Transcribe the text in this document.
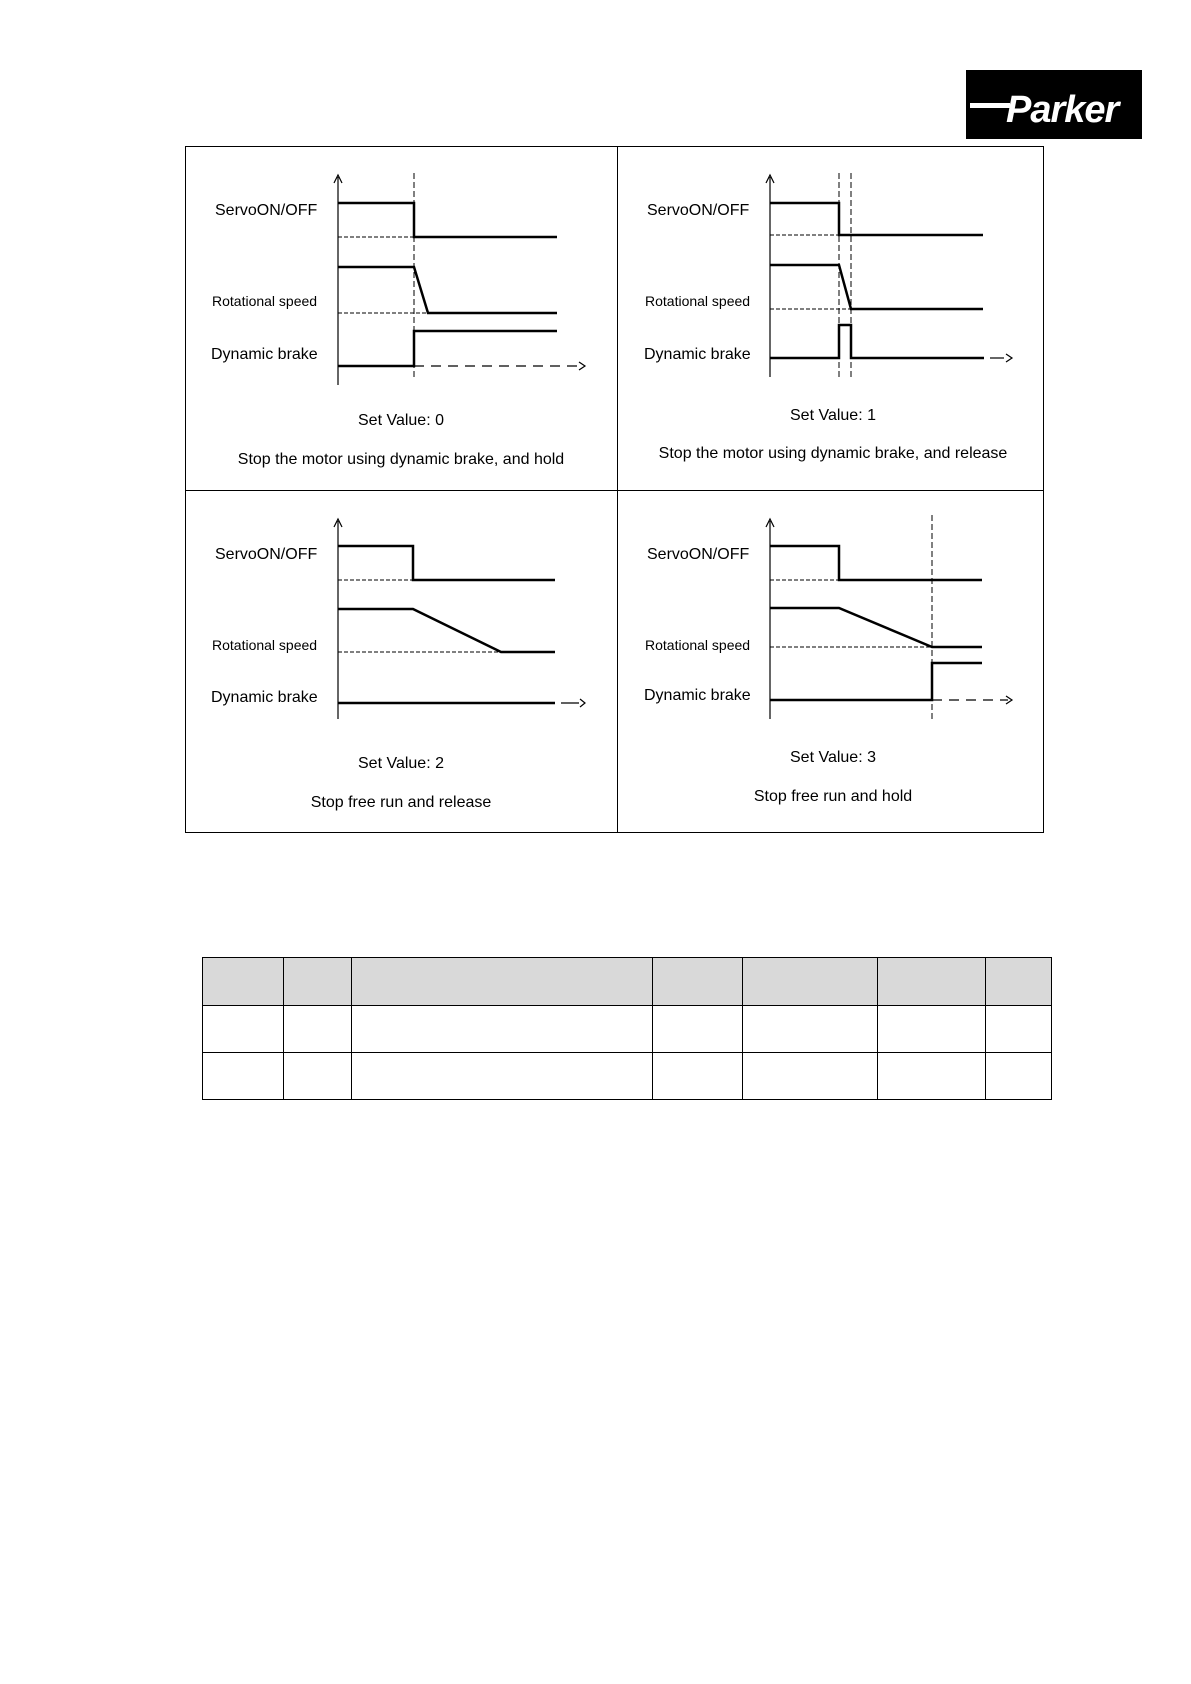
Parker
ServoON/OFF
Rotational speed
Dynamic brake
Set Value: 0
Stop the motor using dynamic brake, and hold
ServoON/OFF
Rotational speed
Dynamic brake
Set Value: 1
Stop the motor using dynamic brake, and release
ServoON/OFF
Rotational speed
Dynamic brake
Set Value: 2
Stop free run and release
ServoON/OFF
Rotational speed
Dynamic brake
Set Value: 3
Stop free run and hold
